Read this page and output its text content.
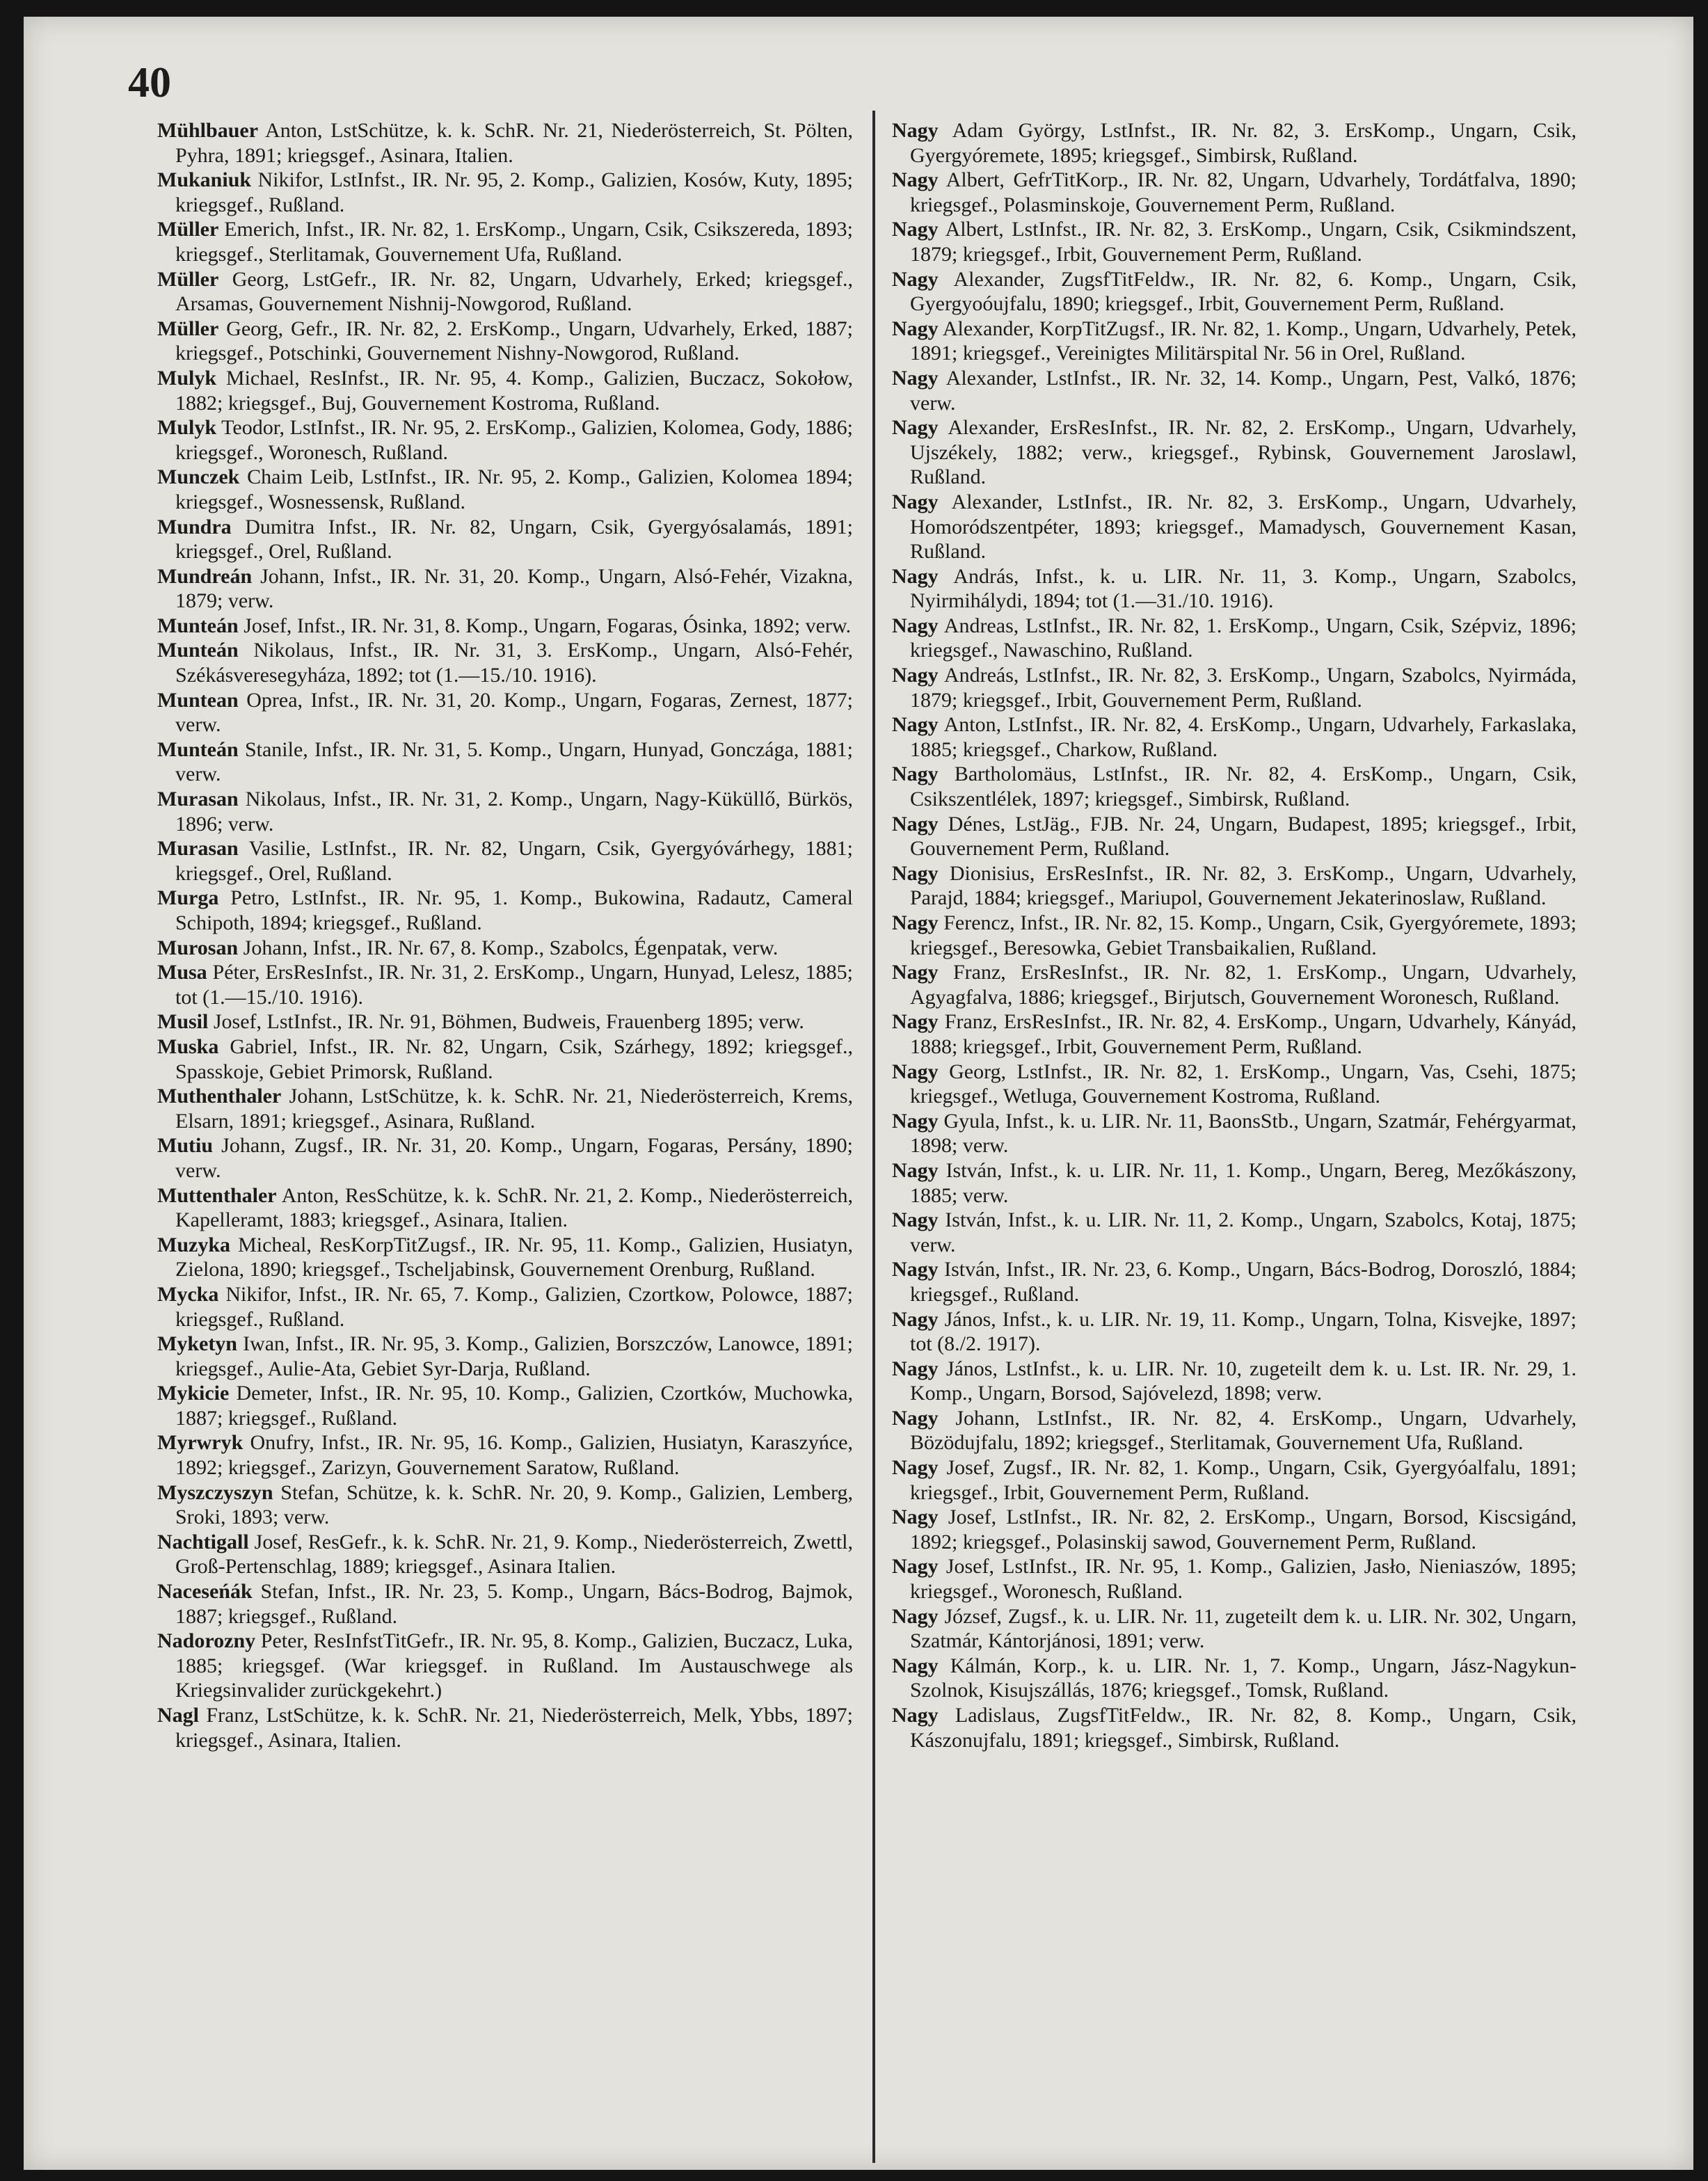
40

Mühlbauer Anton, LstSchütze, k. k. SchR. Nr. 21, Niederösterreich, St. Pölten, Pyhra, 1891; kriegsgef., Asinara, Italien.

Mukaniuk Nikifor, LstInfst., IR. Nr. 95, 2. Komp., Galizien, Kosów, Kuty, 1895; kriegsgef., Rußland.

Müller Emerich, Infst., IR. Nr. 82, 1. ErsKomp., Ungarn, Csik, Csikszereda, 1893; kriegsgef., Sterlitamak, Gouvernement Ufa, Rußland.

Müller Georg, LstGefr., IR. Nr. 82, Ungarn, Udvarhely, Erked; kriegsgef., Arsamas, Gouvernement Nishnij-Nowgorod, Rußland.

Müller Georg, Gefr., IR. Nr. 82, 2. ErsKomp., Ungarn, Udvarhely, Erked, 1887; kriegsgef., Potschinki, Gouvernement Nishny-Nowgorod, Rußland.

Mulyk Michael, ResInfst., IR. Nr. 95, 4. Komp., Galizien, Buczacz, Sokołow, 1882; kriegsgef., Buj, Gouvernement Kostroma, Rußland.

Mulyk Teodor, LstInfst., IR. Nr. 95, 2. ErsKomp., Galizien, Kolomea, Gody, 1886; kriegsgef., Woronesch, Rußland.

Munczek Chaim Leib, LstInfst., IR. Nr. 95, 2. Komp., Galizien, Kolomea 1894; kriegsgef., Wosnessensk, Rußland.

Mundra Dumitra Infst., IR. Nr. 82, Ungarn, Csik, Gyergyósalamás, 1891; kriegsgef., Orel, Rußland.

Mundreán Johann, Infst., IR. Nr. 31, 20. Komp., Ungarn, Alsó-Fehér, Vizakna, 1879; verw.

Munteán Josef, Infst., IR. Nr. 31, 8. Komp., Ungarn, Fogaras, Ósinka, 1892; verw.

Munteán Nikolaus, Infst., IR. Nr. 31, 3. ErsKomp., Ungarn, Alsó-Fehér, Székásveresegyháza, 1892; tot (1.—15./10. 1916).

Muntean Oprea, Infst., IR. Nr. 31, 20. Komp., Ungarn, Fogaras, Zernest, 1877; verw.

Munteán Stanile, Infst., IR. Nr. 31, 5. Komp., Ungarn, Hunyad, Gonczága, 1881; verw.

Murasan Nikolaus, Infst., IR. Nr. 31, 2. Komp., Ungarn, Nagy-Küküllő, Bürkös, 1896; verw.

Murasan Vasilie, LstInfst., IR. Nr. 82, Ungarn, Csik, Gyergyóvárhegy, 1881; kriegsgef., Orel, Rußland.

Murga Petro, LstInfst., IR. Nr. 95, 1. Komp., Bukowina, Radautz, Cameral Schipoth, 1894; kriegsgef., Rußland.

Murosan Johann, Infst., IR. Nr. 67, 8. Komp., Szabolcs, Égenpatak, verw.

Musa Péter, ErsResInfst., IR. Nr. 31, 2. ErsKomp., Ungarn, Hunyad, Lelesz, 1885; tot (1.—15./10. 1916).

Musil Josef, LstInfst., IR. Nr. 91, Böhmen, Budweis, Frauenberg 1895; verw.

Muska Gabriel, Infst., IR. Nr. 82, Ungarn, Csik, Szárhegy, 1892; kriegsgef., Spasskoje, Gebiet Primorsk, Rußland.

Muthenthaler Johann, LstSchütze, k. k. SchR. Nr. 21, Niederösterreich, Krems, Elsarn, 1891; kriegsgef., Asinara, Rußland.

Mutiu Johann, Zugsf., IR. Nr. 31, 20. Komp., Ungarn, Fogaras, Persány, 1890; verw.

Muttenthaler Anton, ResSchütze, k. k. SchR. Nr. 21, 2. Komp., Niederösterreich, Kapelleramt, 1883; kriegsgef., Asinara, Italien.

Muzyka Micheal, ResKorpTitZugsf., IR. Nr. 95, 11. Komp., Galizien, Husiatyn, Zielona, 1890; kriegsgef., Tscheljabinsk, Gouvernement Orenburg, Rußland.

Mycka Nikifor, Infst., IR. Nr. 65, 7. Komp., Galizien, Czortkow, Polowce, 1887; kriegsgef., Rußland.

Myketyn Iwan, Infst., IR. Nr. 95, 3. Komp., Galizien, Borszczów, Lanowce, 1891; kriegsgef., Aulie-Ata, Gebiet Syr-Darja, Rußland.

Mykicie Demeter, Infst., IR. Nr. 95, 10. Komp., Galizien, Czortków, Muchowka, 1887; kriegsgef., Rußland.

Myrwryk Onufry, Infst., IR. Nr. 95, 16. Komp., Galizien, Husiatyn, Karaszyńce, 1892; kriegsgef., Zarizyn, Gouvernement Saratow, Rußland.

Myszczyszyn Stefan, Schütze, k. k. SchR. Nr. 20, 9. Komp., Galizien, Lemberg, Sroki, 1893; verw.

Nachtigall Josef, ResGefr., k. k. SchR. Nr. 21, 9. Komp., Niederösterreich, Zwettl, Groß-Pertenschlag, 1889; kriegsgef., Asinara Italien.

Naceseńák Stefan, Infst., IR. Nr. 23, 5. Komp., Ungarn, Bács-Bodrog, Bajmok, 1887; kriegsgef., Rußland.

Nadorozny Peter, ResInfstTitGefr., IR. Nr. 95, 8. Komp., Galizien, Buczacz, Luka, 1885; kriegsgef. (War kriegsgef. in Rußland. Im Austauschwege als Kriegsinvalider zurückgekehrt.)

Nagl Franz, LstSchütze, k. k. SchR. Nr. 21, Niederösterreich, Melk, Ybbs, 1897; kriegsgef., Asinara, Italien.

Nagy Adam György, LstInfst., IR. Nr. 82, 3. ErsKomp., Ungarn, Csik, Gyergyóremete, 1895; kriegsgef., Simbirsk, Rußland.

Nagy Albert, GefrTitKorp., IR. Nr. 82, Ungarn, Udvarhely, Tordátfalva, 1890; kriegsgef., Polasminskoje, Gouvernement Perm, Rußland.

Nagy Albert, LstInfst., IR. Nr. 82, 3. ErsKomp., Ungarn, Csik, Csikmindszent, 1879; kriegsgef., Irbit, Gouvernement Perm, Rußland.

Nagy Alexander, ZugsfTitFeldw., IR. Nr. 82, 6. Komp., Ungarn, Csik, Gyergyoóujfalu, 1890; kriegsgef., Irbit, Gouvernement Perm, Rußland.

Nagy Alexander, KorpTitZugsf., IR. Nr. 82, 1. Komp., Ungarn, Udvarhely, Petek, 1891; kriegsgef., Vereinigtes Militärspital Nr. 56 in Orel, Rußland.

Nagy Alexander, LstInfst., IR. Nr. 32, 14. Komp., Ungarn, Pest, Valkó, 1876; verw.

Nagy Alexander, ErsResInfst., IR. Nr. 82, 2. ErsKomp., Ungarn, Udvarhely, Ujszékely, 1882; verw., kriegsgef., Rybinsk, Gouvernement Jaroslawl, Rußland.

Nagy Alexander, LstInfst., IR. Nr. 82, 3. ErsKomp., Ungarn, Udvarhely, Homoródszentpéter, 1893; kriegsgef., Mamadysch, Gouvernement Kasan, Rußland.

Nagy András, Infst., k. u. LIR. Nr. 11, 3. Komp., Ungarn, Szabolcs, Nyirmihálydi, 1894; tot (1.—31./10. 1916).

Nagy Andreas, LstInfst., IR. Nr. 82, 1. ErsKomp., Ungarn, Csik, Szépviz, 1896; kriegsgef., Nawaschino, Rußland.

Nagy Andreás, LstInfst., IR. Nr. 82, 3. ErsKomp., Ungarn, Szabolcs, Nyirmáda, 1879; kriegsgef., Irbit, Gouvernement Perm, Rußland.

Nagy Anton, LstInfst., IR. Nr. 82, 4. ErsKomp., Ungarn, Udvarhely, Farkaslaka, 1885; kriegsgef., Charkow, Rußland.

Nagy Bartholomäus, LstInfst., IR. Nr. 82, 4. ErsKomp., Ungarn, Csik, Csikszentlélek, 1897; kriegsgef., Simbirsk, Rußland.

Nagy Dénes, LstJäg., FJB. Nr. 24, Ungarn, Budapest, 1895; kriegsgef., Irbit, Gouvernement Perm, Rußland.

Nagy Dionisius, ErsResInfst., IR. Nr. 82, 3. ErsKomp., Ungarn, Udvarhely, Parajd, 1884; kriegsgef., Mariupol, Gouvernement Jekaterinoslaw, Rußland.

Nagy Ferencz, Infst., IR. Nr. 82, 15. Komp., Ungarn, Csik, Gyergyóremete, 1893; kriegsgef., Beresowka, Gebiet Transbaikalien, Rußland.

Nagy Franz, ErsResInfst., IR. Nr. 82, 1. ErsKomp., Ungarn, Udvarhely, Agyagfalva, 1886; kriegsgef., Birjutsch, Gouvernement Woronesch, Rußland.

Nagy Franz, ErsResInfst., IR. Nr. 82, 4. ErsKomp., Ungarn, Udvarhely, Kányád, 1888; kriegsgef., Irbit, Gouvernement Perm, Rußland.

Nagy Georg, LstInfst., IR. Nr. 82, 1. ErsKomp., Ungarn, Vas, Csehi, 1875; kriegsgef., Wetluga, Gouvernement Kostroma, Rußland.

Nagy Gyula, Infst., k. u. LIR. Nr. 11, BaonsStb., Ungarn, Szatmár, Fehérgyarmat, 1898; verw.

Nagy István, Infst., k. u. LIR. Nr. 11, 1. Komp., Ungarn, Bereg, Mezőkászony, 1885; verw.

Nagy István, Infst., k. u. LIR. Nr. 11, 2. Komp., Ungarn, Szabolcs, Kotaj, 1875; verw.

Nagy István, Infst., IR. Nr. 23, 6. Komp., Ungarn, Bács-Bodrog, Doroszló, 1884; kriegsgef., Rußland.

Nagy János, Infst., k. u. LIR. Nr. 19, 11. Komp., Ungarn, Tolna, Kisvejke, 1897; tot (8./2. 1917).

Nagy János, LstInfst., k. u. LIR. Nr. 10, zugeteilt dem k. u. Lst. IR. Nr. 29, 1. Komp., Ungarn, Borsod, Sajóvelezd, 1898; verw.

Nagy Johann, LstInfst., IR. Nr. 82, 4. ErsKomp., Ungarn, Udvarhely, Bözödujfalu, 1892; kriegsgef., Sterlitamak, Gouvernement Ufa, Rußland.

Nagy Josef, Zugsf., IR. Nr. 82, 1. Komp., Ungarn, Csik, Gyergyóalfalu, 1891; kriegsgef., Irbit, Gouvernement Perm, Rußland.

Nagy Josef, LstInfst., IR. Nr. 82, 2. ErsKomp., Ungarn, Borsod, Kiscsigánd, 1892; kriegsgef., Polasinskij sawod, Gouvernement Perm, Rußland.

Nagy Josef, LstInfst., IR. Nr. 95, 1. Komp., Galizien, Jasło, Nieniaszów, 1895; kriegsgef., Woronesch, Rußland.

Nagy József, Zugsf., k. u. LIR. Nr. 11, zugeteilt dem k. u. LIR. Nr. 302, Ungarn, Szatmár, Kántorjánosi, 1891; verw.

Nagy Kálmán, Korp., k. u. LIR. Nr. 1, 7. Komp., Ungarn, Jász-Nagykun-Szolnok, Kisujszállás, 1876; kriegsgef., Tomsk, Rußland.

Nagy Ladislaus, ZugsfTitFeldw., IR. Nr. 82, 8. Komp., Ungarn, Csik, Kászonujfalu, 1891; kriegsgef., Simbirsk, Rußland.
